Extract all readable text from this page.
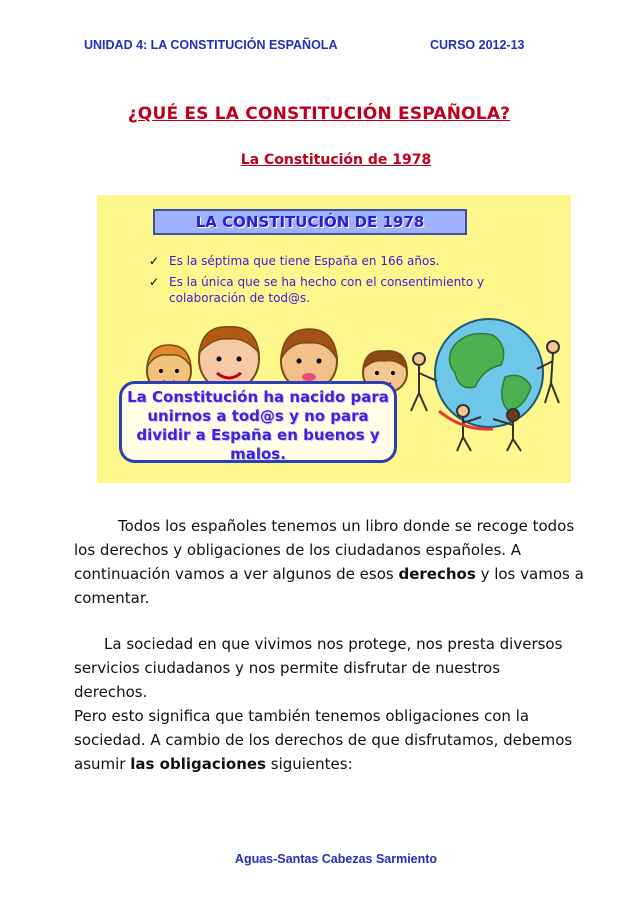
UNIDAD 4: LA CONSTITUCIÓN ESPAÑOLA	CURSO 2012-13
¿QUÉ ES LA CONSTITUCIÓN ESPAÑOLA?
La Constitución de 1978
LA CONSTITUCIÓN DE 1978
✓ Es la séptima que tiene España en 166 años.
✓ Es la única que se ha hecho con el consentimiento y colaboración de tod@s.
La Constitución ha nacido para
unirnos a tod@s y no para
dividir a España en buenos y
malos.
Todos los españoles tenemos un libro donde se recoge todos
los derechos y obligaciones de los ciudadanos españoles. A
continuación vamos a ver algunos de esos derechos y los vamos a
comentar.
La sociedad en que vivimos nos protege, nos presta diversos
servicios ciudadanos y nos permite disfrutar de nuestros
derechos.
Pero esto significa que también tenemos obligaciones con la
sociedad. A cambio de los derechos de que disfrutamos, debemos
asumir las obligaciones siguientes:
Aguas-Santas Cabezas Sarmiento
